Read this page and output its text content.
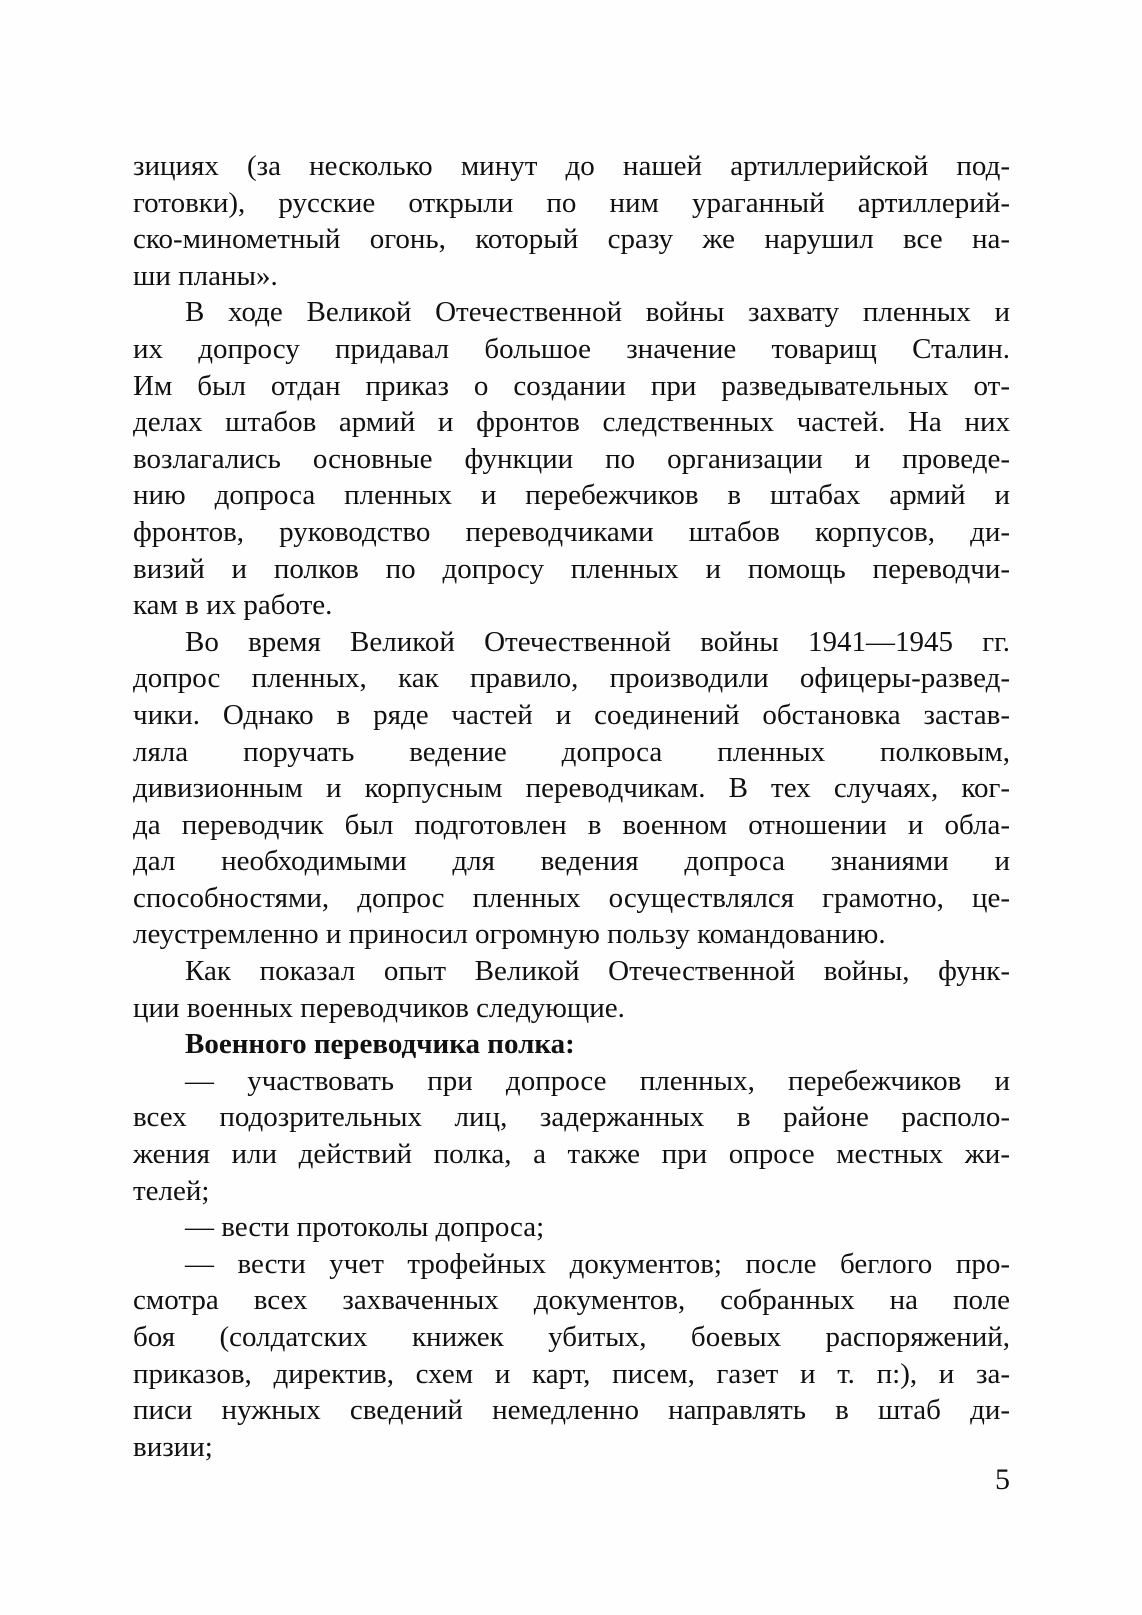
зициях (за несколько минут до нашей артиллерийской под-
готовки), русские открыли по ним ураганный артиллерий-
ско-минометный огонь, который сразу же нарушил все на-
ши планы».
В ходе Великой Отечественной войны захвату пленных и
их допросу придавал большое значение товарищ Сталин.
Им был отдан приказ о создании при разведывательных от-
делах штабов армий и фронтов следственных частей. На них
возлагались основные функции по организации и проведе-
нию допроса пленных и перебежчиков в штабах армий и
фронтов, руководство переводчиками штабов корпусов, ди-
визий и полков по допросу пленных и помощь переводчи-
кам в их работе.
Во время Великой Отечественной войны 1941—1945 гг.
допрос пленных, как правило, производили офицеры-развед-
чики. Однако в ряде частей и соединений обстановка застав-
ляла поручать ведение допроса пленных полковым,
дивизионным и корпусным переводчикам. В тех случаях, ког-
да переводчик был подготовлен в военном отношении и обла-
дал необходимыми для ведения допроса знаниями и
способностями, допрос пленных осуществлялся грамотно, це-
леустремленно и приносил огромную пользу командованию.
Как показал опыт Великой Отечественной войны, функ-
ции военных переводчиков следующие.
Военного переводчика полка:
— участвовать при допросе пленных, перебежчиков и
всех подозрительных лиц, задержанных в районе располо-
жения или действий полка, а также при опросе местных жи-
телей;
— вести протоколы допроса;
— вести учет трофейных документов; после беглого про-
смотра всех захваченных документов, собранных на поле
боя (солдатских книжек убитых, боевых распоряжений,
приказов, директив, схем и карт, писем, газет и т. п:), и за-
писи нужных сведений немедленно направлять в штаб ди-
визии;
5
